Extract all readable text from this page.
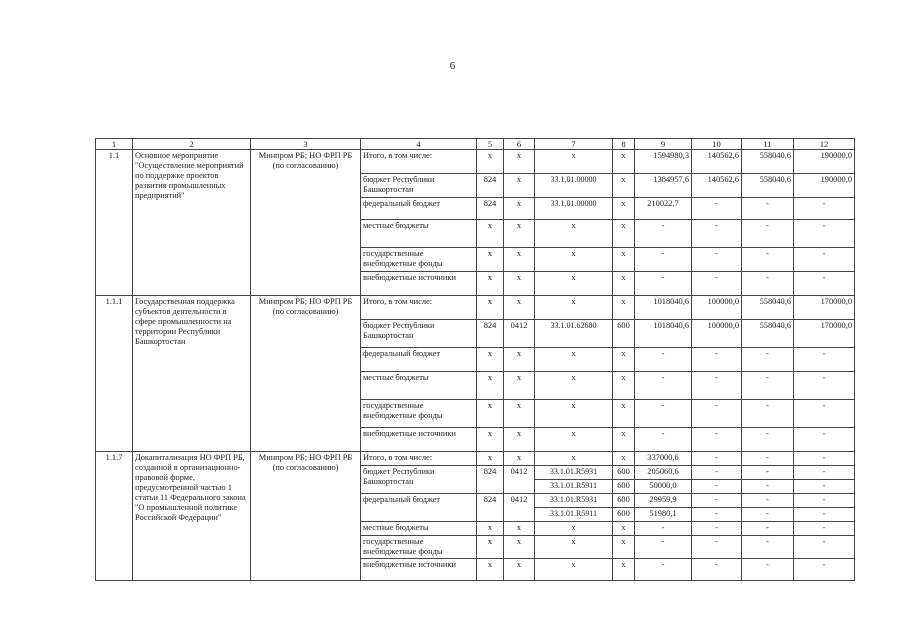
6
1	2	3	4	5	6	7	8	9	10	11	12
1.1	Основное мероприятие "Осуществление мероприятий по поддержке проектов развития промышленных предприятий"	Минпром РБ; НО ФРП РБ (по согласованию)	Итого, в том числе:	x	x	x	x	1594980,3	140562,6	558040,6	190000,0
			бюджет Республики Башкортостан	824	x	33.1.01.00000	x	1384957,6	140562,6	558040,6	190000,0
			федеральный бюджет	824	x	33.1.01.00000	x	210022,7	-	-	-
			местные бюджеты	x	x	x	x	-	-	-	-
			государственные внебюджетные фонды	x	x	x	x	-	-	-	-
			внебюджетные источники	x	x	x	x	-	-	-	-
1.1.1	Государственная поддержка субъектов деятельности в сфере промышленности на территории Республики Башкортостан	Минпром РБ; НО ФРП РБ (по согласованию)	Итого, в том числе:	x	x	x	x	1018040,6	100000,0	558040,6	170000,0
			бюджет Республики Башкортостан	824	0412	33.1.01.62680	600	1018040,6	100000,0	558040,6	170000,0
			федеральный бюджет	x	x	x	x	-	-	-	-
			местные бюджеты	x	x	x	x	-	-	-	-
			государственные внебюджетные фонды	x	x	x	x	-	-	-	-
			внебюджетные источники	x	x	x	x	-	-	-	-
1.1.7	Докапитализация НО ФРП РБ, созданной в организационно-правовой форме, предусмотренной частью 1 статьи 11 Федерального закона "О промышленной политике Российской Федерации"	Минпром РБ; НО ФРП РБ (по согласованию)	Итого, в том числе:	x	x	x	x	337000,6	-	-	-
			бюджет Республики Башкортостан	824	0412	33.1.01.R5931	600	205060,6	-	-	-
						33.1.01.R5911	600	50000,0	-	-	-
			федеральный бюджет	824	0412	33.1.01.R5931	600	29959,9	-	-	-
						33.1.01.R5911	600	51980,1	-	-	-
			местные бюджеты	x	x	x	x	-	-	-	-
			государственные внебюджетные фонды	x	x	x	x	-	-	-	-
			внебюджетные источники	x	x	x	x	-	-	-	-
